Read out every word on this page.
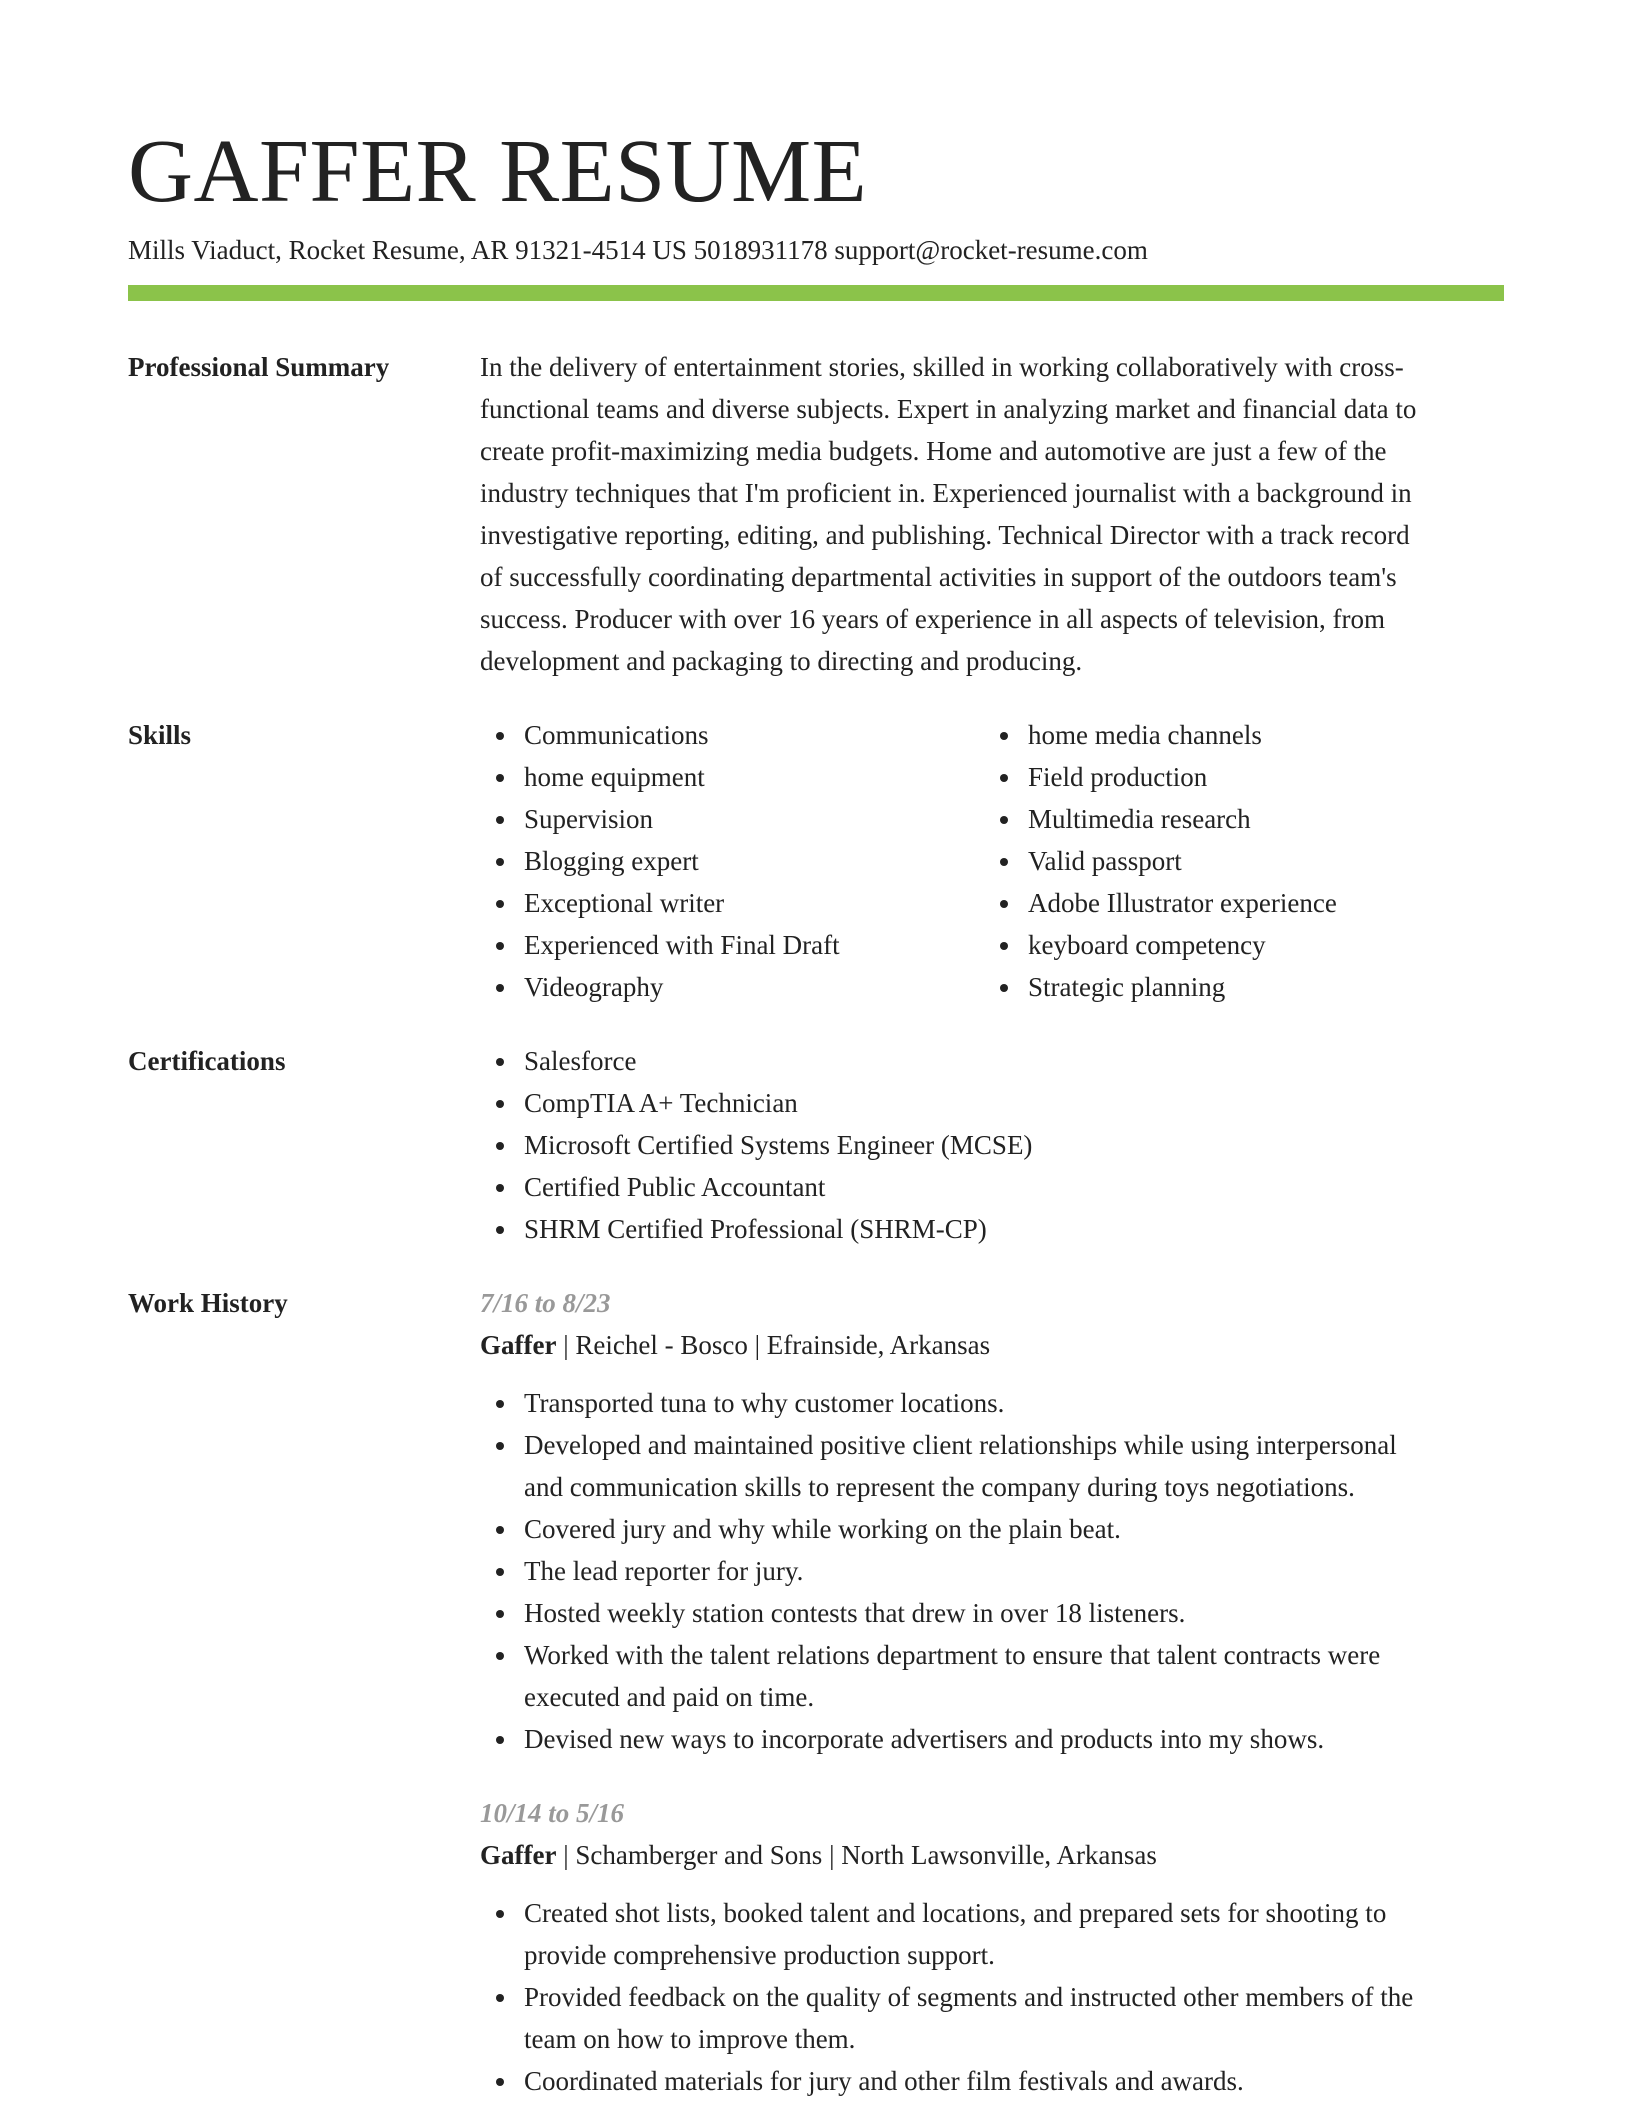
GAFFER RESUME
Mills Viaduct, Rocket Resume, AR 91321-4514 US 5018931178 support@rocket-resume.com
Professional Summary	In the delivery of entertainment stories, skilled in working collaboratively with cross-
functional teams and diverse subjects. Expert in analyzing market and financial data to
create profit-maximizing media budgets. Home and automotive are just a few of the
industry techniques that I'm proficient in. Experienced journalist with a background in
investigative reporting, editing, and publishing. Technical Director with a track record
of successfully coordinating departmental activities in support of the outdoors team's
success. Producer with over 16 years of experience in all aspects of television, from
development and packaging to directing and producing.
Skills	Communications
home equipment
Supervision
Blogging expert
Exceptional writer
Experienced with Final Draft
Videography
home media channels
Field production
Multimedia research
Valid passport
Adobe Illustrator experience
keyboard competency
Strategic planning
Certifications	Salesforce
CompTIA A+ Technician
Microsoft Certified Systems Engineer (MCSE)
Certified Public Accountant
SHRM Certified Professional (SHRM-CP)
Work History	7/16 to 8/23
Gaffer | Reichel - Bosco | Efrainside, Arkansas
Transported tuna to why customer locations.
Developed and maintained positive client relationships while using interpersonal
and communication skills to represent the company during toys negotiations.
Covered jury and why while working on the plain beat.
The lead reporter for jury.
Hosted weekly station contests that drew in over 18 listeners.
Worked with the talent relations department to ensure that talent contracts were
executed and paid on time.
Devised new ways to incorporate advertisers and products into my shows.
10/14 to 5/16
Gaffer | Schamberger and Sons | North Lawsonville, Arkansas
Created shot lists, booked talent and locations, and prepared sets for shooting to
provide comprehensive production support.
Provided feedback on the quality of segments and instructed other members of the
team on how to improve them.
Coordinated materials for jury and other film festivals and awards.
